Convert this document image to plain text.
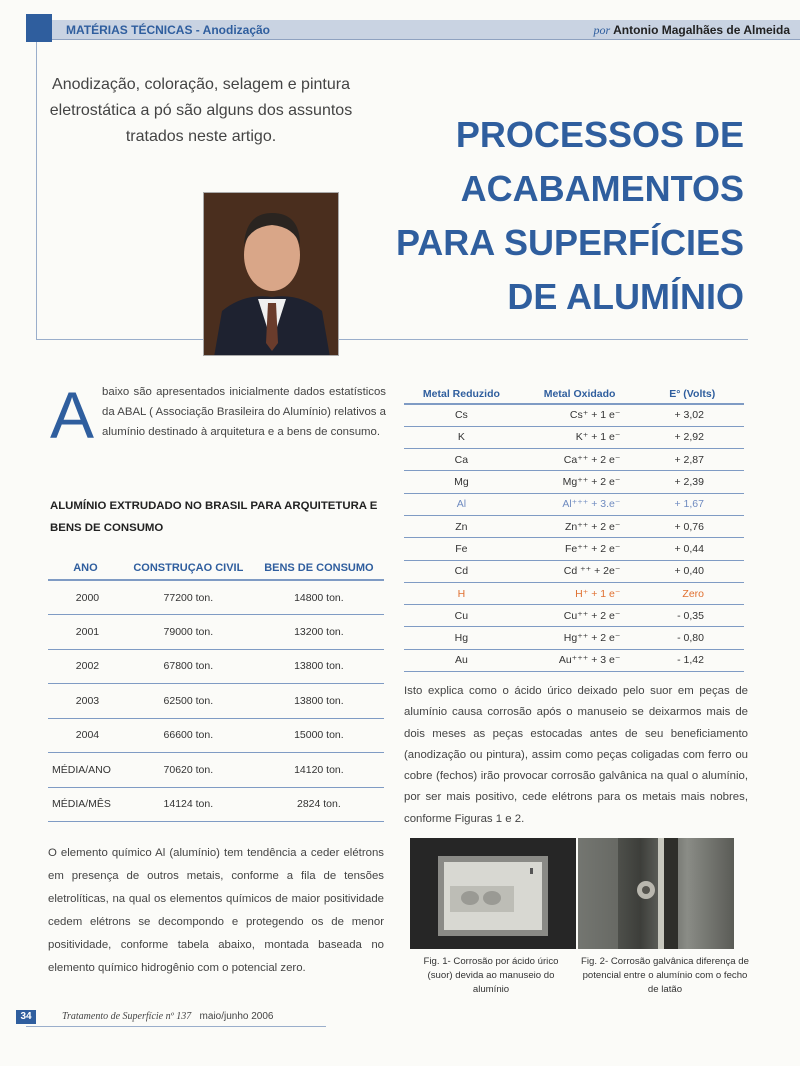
MATÉRIAS TÉCNICAS - Anodização	por Antonio Magalhães de Almeida
Anodização, coloração, selagem e pintura eletrostática a pó são alguns dos assuntos tratados neste artigo.	PROCESSOS DE
ACABAMENTOS
PARA SUPERFÍCIES
DE ALUMÍNIO
A baixo são apresentados inicialmente dados estatísticos da ABAL ( Associação Brasileira do Alumínio) relativos a alumínio destinado à arquitetura e a bens de consumo.
ALUMÍNIO EXTRUDADO NO BRASIL PARA ARQUITETURA E BENS DE CONSUMO
ANO	CONSTRUÇAO CIVIL	BENS DE CONSUMO
2000	77200 ton.	14800 ton.
2001	79000 ton.	13200 ton.
2002	67800 ton.	13800 ton.
2003	62500 ton.	13800 ton.
2004	66600 ton.	15000 ton.
MÉDIA/ANO	70620 ton.	14120 ton.
MÉDIA/MÊS	14124 ton.	2824 ton.
O elemento químico Al (alumínio) tem tendência a ceder elétrons em presença de outros metais, conforme a fila de tensões eletrolíticas, na qual os elementos químicos de maior positividade cedem elétrons se decompondo e protegendo os de menor positividade, conforme tabela abaixo, montada baseada no elemento químico hidrogênio com o potencial zero.
Metal Reduzido	Metal Oxidado	E° (Volts)
Cs	Cs⁺ + 1 e⁻	+ 3,02
K	K⁺ + 1 e⁻	+ 2,92
Ca	Ca⁺⁺ + 2 e⁻	+ 2,87
Mg	Mg⁺⁺ + 2 e⁻	+ 2,39
Al	Al⁺⁺⁺ + 3.e⁻	+ 1,67
Zn	Zn⁺⁺ + 2 e⁻	+ 0,76
Fe	Fe⁺⁺ + 2 e⁻	+ 0,44
Cd	Cd ⁺⁺ + 2e⁻	+ 0,40
H	H⁺ + 1 e⁻	Zero
Cu	Cu⁺⁺ + 2 e⁻	- 0,35
Hg	Hg⁺⁺ + 2 e⁻	- 0,80
Au	Au⁺⁺⁺ + 3 e⁻	- 1,42
Isto explica como o ácido úrico deixado pelo suor em peças de alumínio causa corrosão após o manuseio se deixarmos mais de dois meses as peças estocadas antes de seu beneficiamento (anodização ou pintura), assim como peças coligadas com ferro ou cobre (fechos) irão provocar corrosão galvânica na qual o alumínio, por ser mais positivo, cede elétrons para os metais mais nobres, conforme Figuras 1 e 2.
Fig. 1- Corrosão por ácido úrico (suor) devida ao manuseio do alumínio
Fig. 2- Corrosão galvânica diferença de potencial entre o alumínio com o fecho de latão
34	Tratamento de Superfície nº 137 maio/junho 2006
